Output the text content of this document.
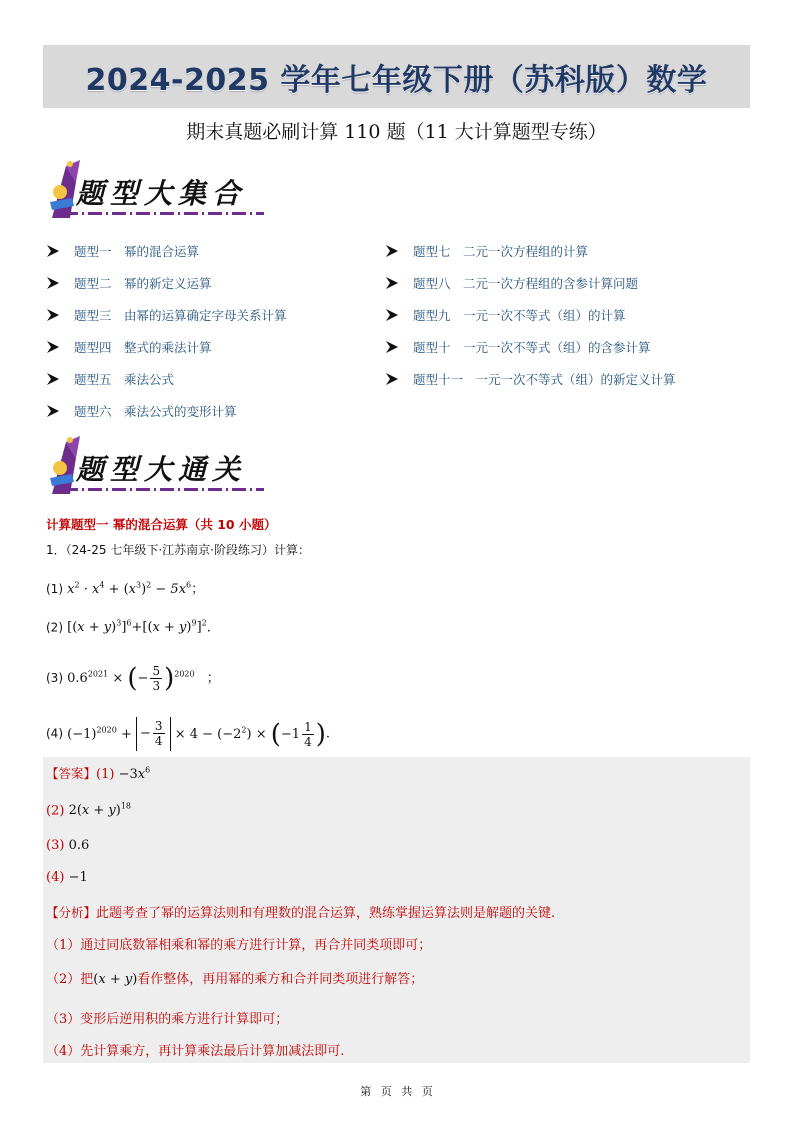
2024-2025 学年七年级下册（苏科版）数学
期末真题必刷计算 110 题（11 大计算题型专练）
题型大集合
题型一　幂的混合运算
题型二　幂的新定义运算
题型三　由幂的运算确定字母关系计算
题型四　整式的乘法计算
题型五　乘法公式
题型六　乘法公式的变形计算
题型七　二元一次方程组的计算
题型八　二元一次方程组的含参计算问题
题型九　一元一次不等式（组）的计算
题型十　一元一次不等式（组）的含参计算
题型十一　一元一次不等式（组）的新定义计算
题型大通关
计算题型一 幂的混合运算（共 10 小题）
1．（24-25 七年级下·江苏南京·阶段练习）计算：
(1) $x^2 \cdot x^4 + (x^3)^2 - 5x^6$；
(2) $[(x + y)^3]^6+[(x + y)^9]^2$.
(3) $0.6^{2021}$ × (− $\frac{5}{3} )^{2020}$ ；
(4) $(-1)^{2020}$ + − $\frac{3}{4} \times 4 - (-2^2) \times (-1 \frac{1}{4}$ ).
【答案】$(1) -3x^6$
(2) $2(x + y)^{18}$
(3) 0.6
(4) −1
【分析】此题考查了幂的运算法则和有理数的混合运算，熟练掌握运算法则是解题的关键.
（1）通过同底数幂相乘和幂的乘方进行计算，再合并同类项即可；
（2）把(x + y)看作整体，再用幂的乘方和合并同类项进行解答；
（3）变形后逆用积的乘方进行计算即可；
（4）先计算乘方，再计算乘法最后计算加减法即可.
第 页 共 页
